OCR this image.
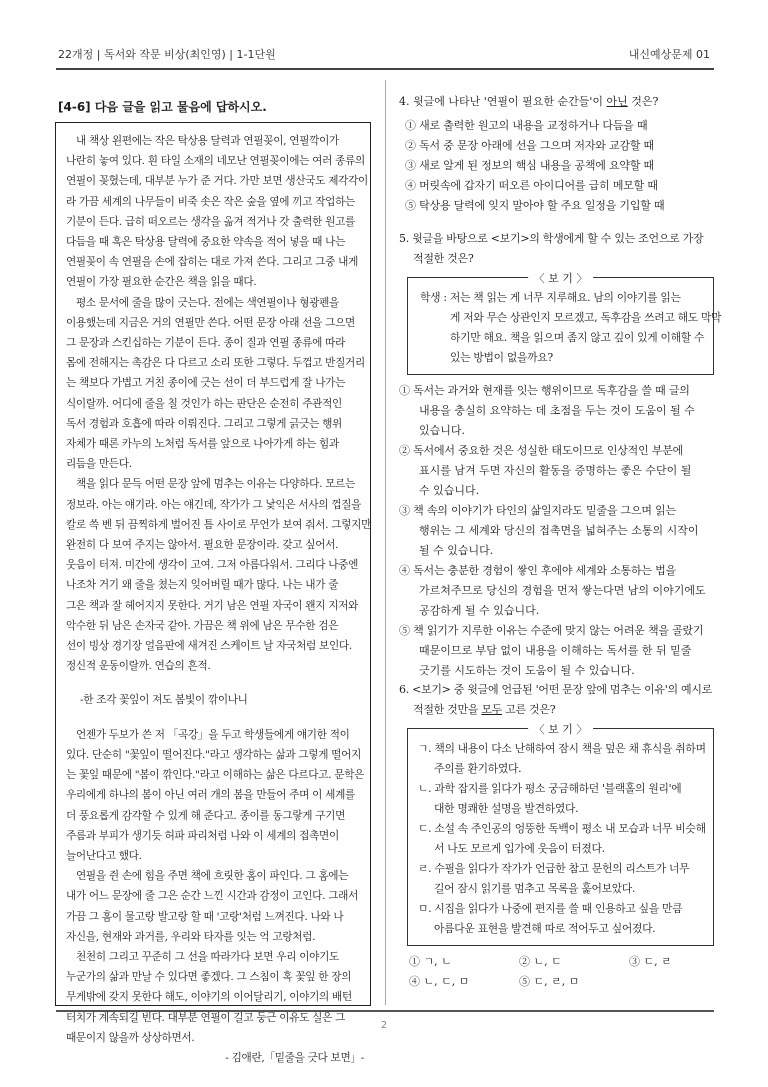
22개정 | 독서와 작문 비상(최인영) | 1-1단원	내신예상문제 01
[4-6] 다음 글을 읽고 물음에 답하시오.

내 책상 왼편에는 작은 탁상용 달력과 연필꽂이, 연필깍이가
나란히 놓여 있다. 흰 타일 소재의 네모난 연필꽂이에는 여러 종류의
연필이 꽂혔는데, 대부분 누가 준 거다. 가만 보면 생산국도 제각각이
라 가끔 세계의 나무들이 비죽 솟은 작은 숲을 옆에 끼고 작업하는
기분이 든다. 급히 떠오르는 생각을 옮겨 적거나 갓 출력한 원고를
다듬을 때 혹은 탁상용 달력에 중요한 약속을 적어 넣을 때 나는
연필꽂이 속 연필을 손에 잡히는 대로 가져 쓴다. 그리고 그중 내게
연필이 가장 필요한 순간은 책을 읽을 때다.

평소 문서에 줄을 많이 긋는다. 전에는 색연필이나 형광펜을
이용했는데 지금은 거의 연필만 쓴다. 어떤 문장 아래 선을 그으면
그 문장과 스킨십하는 기분이 든다. 종이 질과 연필 종류에 따라
몸에 전해지는 촉감은 다 다르고 소리 또한 그렇다. 두껍고 반질거리
는 책보다 가볍고 거친 종이에 긋는 선이 더 부드럽게 잘 나가는
식이랄까. 어디에 줄을 칠 것인가 하는 판단은 순전히 주관적인
독서 경험과 호흡에 따라 이뤄진다. 그리고 그렇게 긁긋는 행위
자체가 때론 카누의 노처럼 독서를 앞으로 나아가게 하는 힘과
리듬을 만든다.

책을 읽다 문득 어떤 문장 앞에 멈추는 이유는 다양하다. 모르는
정보라. 아는 얘기라. 아는 얘긴데, 작가가 그 낯익은 서사의 껍질을
칼로 쓱 벤 뒤 끔찍하게 벌어진 틈 사이로 무언가 보여 줘서. 그렇지만
완전히 다 보여 주지는 않아서. 필요한 문장이라. 갖고 싶어서.
웃음이 터져. 미간에 생각이 고여. 그저 아름다워서. 그리다 나중엔
나조차 거기 왜 줄을 쳤는지 잊어버릴 때가 많다. 나는 내가 줄
그은 책과 잘 헤어지지 못한다. 거기 남은 연필 자국이 왠지 지저와
악수한 뒤 남은 손자국 같아. 가끔은 책 위에 남은 무수한 검은
선이 빙상 경기장 얼음판에 새겨진 스케이트 날 자국처럼 보인다.
정신적 운동이랄까. 연습의 흔적.

-한 조각 꽃잎이 져도 봄빛이 깎이나니

언젠가 두보가 쓴 저 「곡강」을 두고 학생들에게 얘기한 적이
있다. 단순히 "꽃잎이 떨어진다."라고 생각하는 삶과 그렇게 떨어지
는 꽃잎 때문에 "봄이 깎인다."라고 이해하는 삶은 다르다고. 문학은
우리에게 하나의 봄이 아닌 여러 개의 봄을 만들어 주며 이 세계를
더 풍요롭게 감각할 수 있게 해 준다고. 종이를 동그랗게 구기면
주름과 부피가 생기듯 허파 파리처럼 나와 이 세계의 접촉면이
늘어난다고 했다.

연필을 쥔 손에 힘을 주면 책에 흐릿한 홈이 파인다. 그 홈에는
내가 어느 문장에 줄 그은 순간 느낀 시간과 감정이 고인다. 그래서
가끔 그 홈이 물고랑 발고랑 할 때 '고랑'처럼 느껴진다. 나와 나
자신을, 현재와 과거를, 우리와 타자를 잇는 억 고랑처럼.
천천히 그리고 꾸준히 그 선을 따라가다 보면 우리 이야기도
누군가의 삶과 만날 수 있다면 좋겠다. 그 스침이 혹 꽃잎 한 장의
무게밖에 갖지 못한다 해도, 이야기의 이어달리기, 이야기의 배턴
터치가 계속되길 빈다. 대부분 연필이 길고 둥근 이유도 실은 그
때문이지 않을까 상상하면서.

- 김애란,「밑줄을 긋다 보면」-

4. 윗글에 나타난 '연필이 필요한 순간들'이 아닌 것은?
① 새로 출력한 원고의 내용을 교정하거나 다듬을 때
② 독서 중 문장 아래에 선을 그으며 저자와 교감할 때
③ 새로 알게 된 정보의 핵심 내용을 공책에 요약할 때
④ 머릿속에 갑자기 떠오른 아이디어를 급히 메모할 때
⑤ 탁상용 달력에 잊지 말아야 할 주요 일정을 기입할 때
5. 윗글을 바탕으로 <보기>의 학생에게 할 수 있는 조언으로 가장
적절한 것은?
〈 보 기 〉
학생 : 저는 책 읽는 게 너무 지루해요. 남의 이야기를 읽는
게 저와 무슨 상관인지 모르겠고, 독후감을 쓰려고 해도 막막
하기만 해요. 책을 읽으며 좀지 않고 깊이 있게 이해할 수
있는 방법이 없을까요?
① 독서는 과거와 현재를 잇는 행위이므로 독후감을 쓸 때 글의
내용을 충실히 요약하는 데 초점을 두는 것이 도움이 될 수
있습니다.
② 독서에서 중요한 것은 성실한 태도이므로 인상적인 부분에
표시를 남겨 두면 자신의 활동을 증명하는 좋은 수단이 될
수 있습니다.
③ 책 속의 이야기가 타인의 삶일지라도 밑줄을 그으며 읽는
행위는 그 세계와 당신의 접촉면을 넓혀주는 소통의 시작이
될 수 있습니다.
④ 독서는 충분한 경험이 쌓인 후에야 세계와 소통하는 법을
가르쳐주므로 당신의 경험을 먼저 쌓는다면 남의 이야기에도
공감하게 될 수 있습니다.
⑤ 책 읽기가 지루한 이유는 수준에 맞지 않는 어려운 책을 골랐기
때문이므로 부담 없이 내용을 이해하는 독서를 한 뒤 밑줄
긋기를 시도하는 것이 도움이 될 수 있습니다.
6. <보기> 중 윗글에 언급된 '어떤 문장 앞에 멈추는 이유'의 예시로
적절한 것만을 모두 고른 것은?
〈 보 기 〉
ㄱ. 책의 내용이 다소 난해하여 잠시 책을 덮은 채 휴식을 취하며
주의를 환기하였다.
ㄴ. 과학 잡지를 읽다가 평소 궁금해하던 '블랙홀의 원리'에
대한 명쾌한 설명을 발견하였다.
ㄷ. 소설 속 주인공의 엉뚱한 독백이 평소 내 모습과 너무 비슷해
서 나도 모르게 입가에 웃음이 터졌다.
ㄹ. 수필을 읽다가 작가가 언급한 참고 문헌의 리스트가 너무
길어 잠시 읽기를 멈추고 목록을 훑어보았다.
ㅁ. 시집을 읽다가 나중에 편지를 쓸 때 인용하고 싶을 만큼
아름다운 표현을 발견해 따로 적어두고 싶어졌다.
① ㄱ, ㄴ	② ㄴ, ㄷ	③ ㄷ, ㄹ
④ ㄴ, ㄷ, ㅁ	⑤ ㄷ, ㄹ, ㅁ
2
